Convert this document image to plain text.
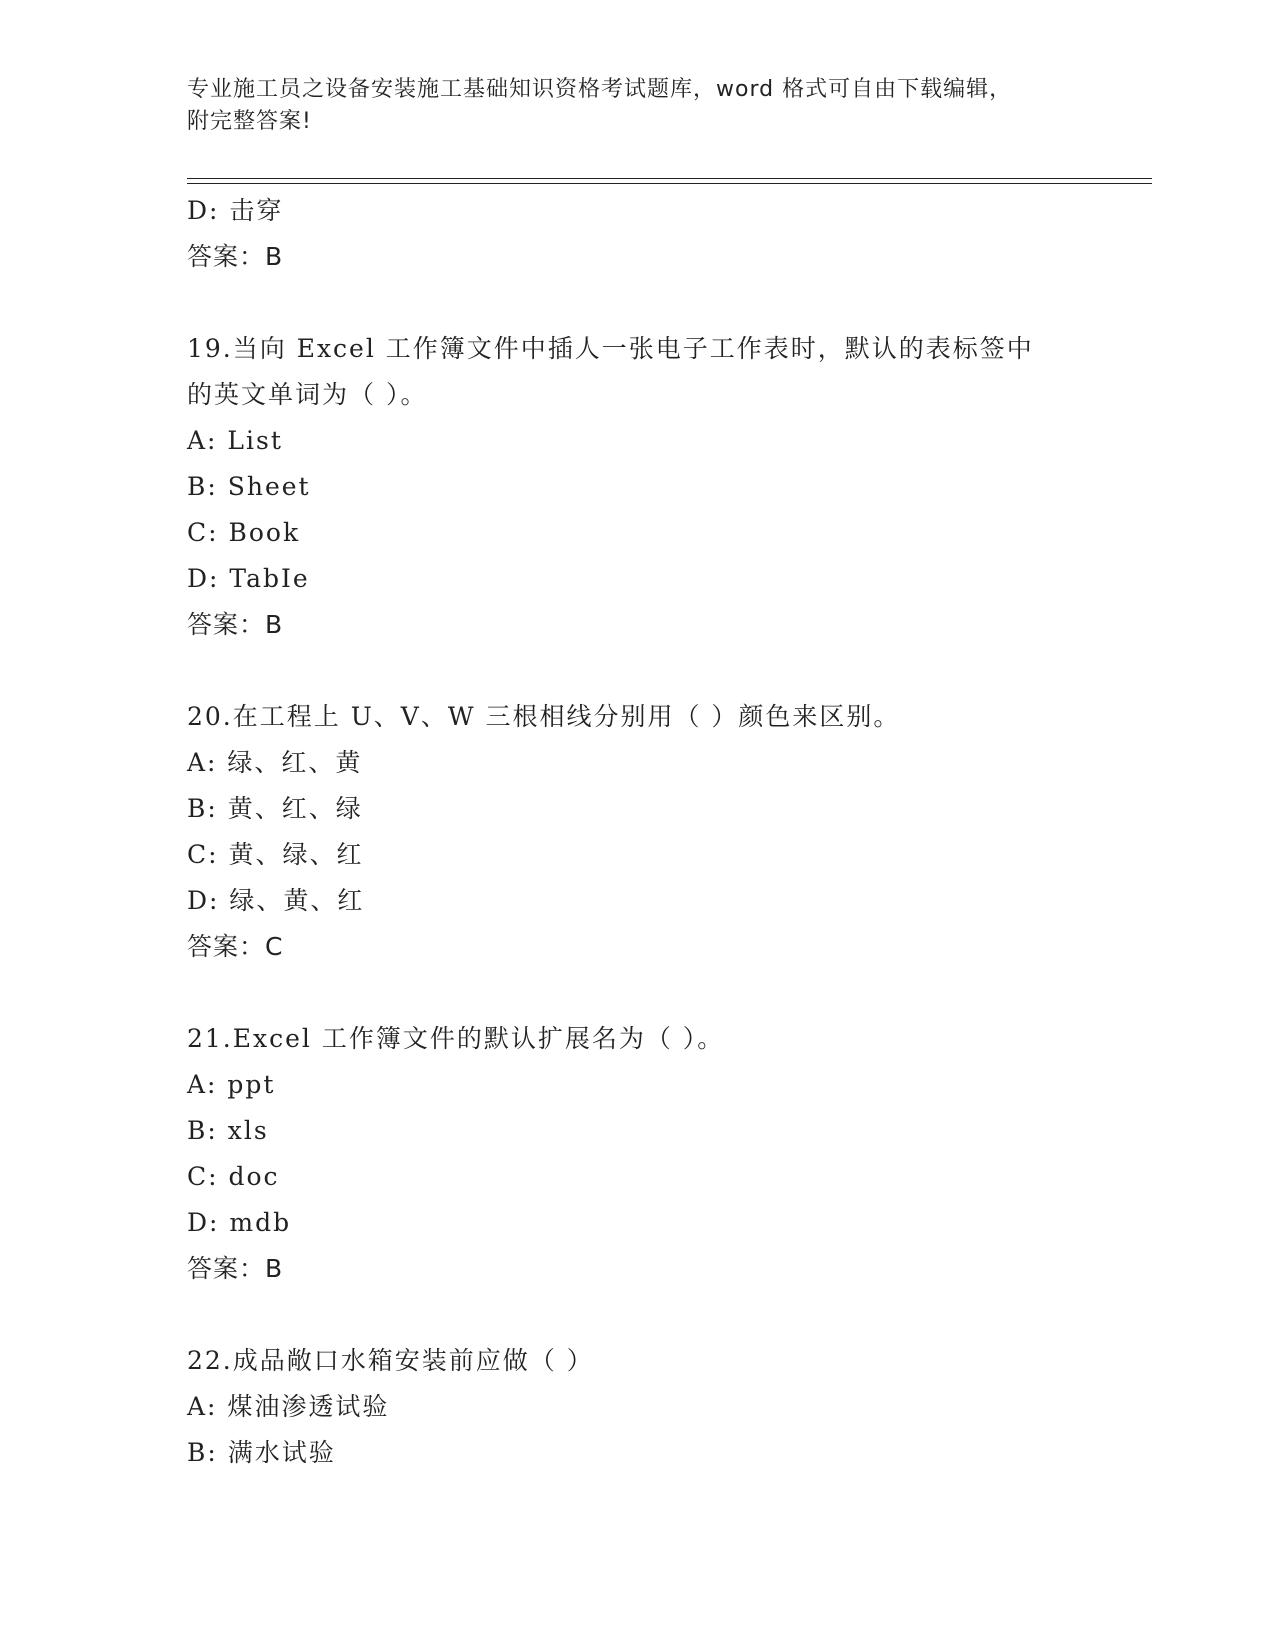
专业施工员之设备安装施工基础知识资格考试题库，word 格式可自由下载编辑，
附完整答案!
D: 击穿
答案：B
19.当向 Excel 工作簿文件中插人一张电子工作表时，默认的表标签中
的英文单词为（ ）。
A: List
B: Sheet
C: Book
D: TabIe
答案：B
20.在工程上 U、V、W 三根相线分别用（ ）颜色来区别。
A: 绿、红、黄
B: 黄、红、绿
C: 黄、绿、红
D: 绿、黄、红
答案：C
21.Excel 工作簿文件的默认扩展名为（ ）。
A: ppt
B: xls
C: doc
D: mdb
答案：B
22.成品敞口水箱安装前应做（ ）
A: 煤油渗透试验
B: 满水试验
